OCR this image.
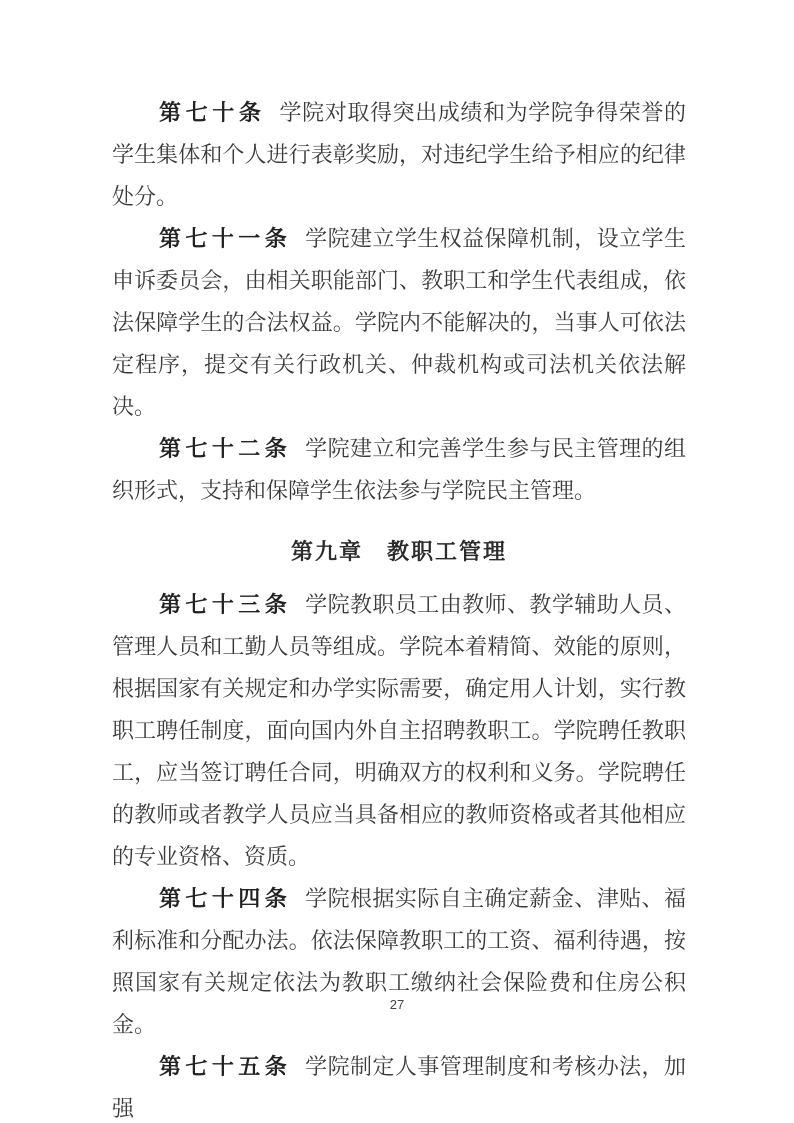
第七十条 学院对取得突出成绩和为学院争得荣誉的学生集体和个人进行表彰奖励，对违纪学生给予相应的纪律处分。

第七十一条 学院建立学生权益保障机制，设立学生申诉委员会，由相关职能部门、教职工和学生代表组成，依法保障学生的合法权益。学院内不能解决的，当事人可依法定程序，提交有关行政机关、仲裁机构或司法机关依法解决。

第七十二条 学院建立和完善学生参与民主管理的组织形式，支持和保障学生依法参与学院民主管理。

第九章　教职工管理

第七十三条 学院教职员工由教师、教学辅助人员、管理人员和工勤人员等组成。学院本着精简、效能的原则，根据国家有关规定和办学实际需要，确定用人计划，实行教职工聘任制度，面向国内外自主招聘教职工。学院聘任教职工，应当签订聘任合同，明确双方的权利和义务。学院聘任的教师或者教学人员应当具备相应的教师资格或者其他相应的专业资格、资质。

第七十四条 学院根据实际自主确定薪金、津贴、福利标准和分配办法。依法保障教职工的工资、福利待遇，按照国家有关规定依法为教职工缴纳社会保险费和住房公积金。

第七十五条 学院制定人事管理制度和考核办法，加强

27
